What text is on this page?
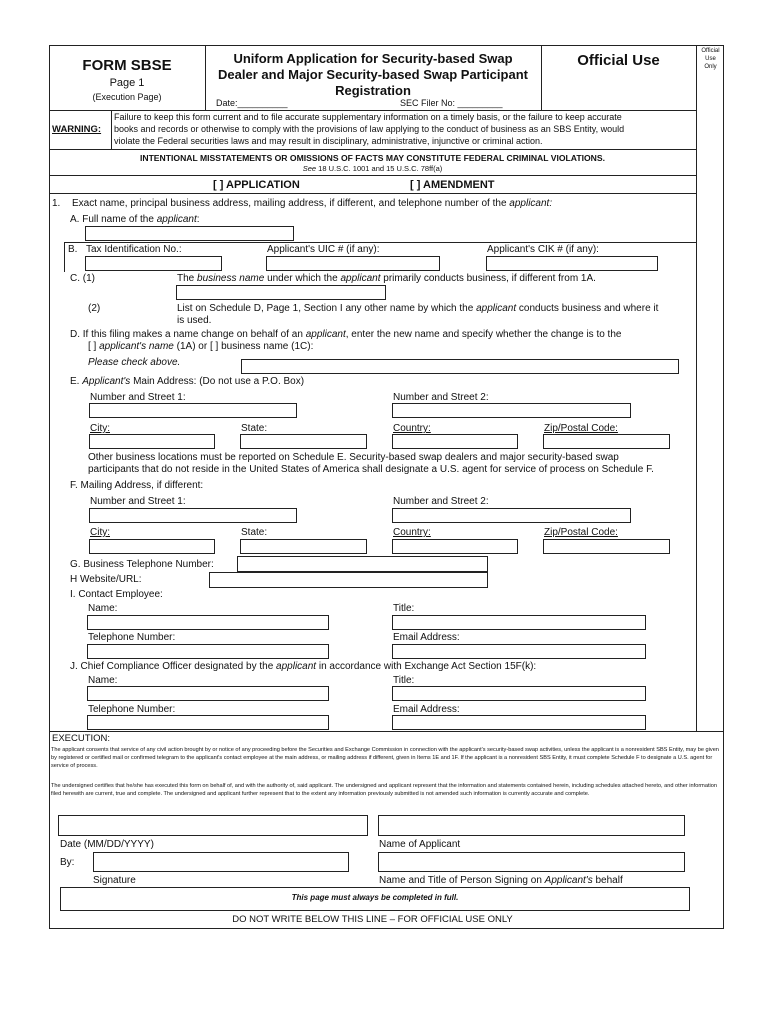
FORM SBSE
Page 1
(Execution Page)
Uniform Application for Security-based Swap
Dealer and Major Security-based Swap Participant
Registration
Date:__________	SEC Filer No: _________
Official Use
Official
Use
Only
WARNING:
Failure to keep this form current and to file accurate supplementary information on a timely basis, or the failure to keep accurate
books and records or otherwise to comply with the provisions of law applying to the conduct of business as an SBS Entity, would
violate the Federal securities laws and may result in disciplinary, administrative, injunctive or criminal action.
INTENTIONAL MISSTATEMENTS OR OMISSIONS OF FACTS MAY CONSTITUTE FEDERAL CRIMINAL VIOLATIONS.
See 18 U.S.C. 1001 and 15 U.S.C. 78ff(a)
[ ] APPLICATION	[ ] AMENDMENT
1. Exact name, principal business address, mailing address, if different, and telephone number of the applicant:
A. Full name of the applicant:
B. Tax Identification No.:	Applicant's UIC # (if any):	Applicant's CIK # (if any):
C. (1)	The business name under which the applicant primarily conducts business, if different from 1A.
(2)	List on Schedule D, Page 1, Section I any other name by which the applicant conducts business and where it
is used.
D. If this filing makes a name change on behalf of an applicant, enter the new name and specify whether the change is to the
[ ] applicant's name (1A) or [ ] business name (1C):
Please check above.
E. Applicant's Main Address: (Do not use a P.O. Box)
Number and Street 1:	Number and Street 2:
City:	State:	Country:	Zip/Postal Code:
Other business locations must be reported on Schedule E. Security-based swap dealers and major security-based swap
participants that do not reside in the United States of America shall designate a U.S. agent for service of process on Schedule F.
F. Mailing Address, if different:
Number and Street 1:	Number and Street 2:
City:	State:	Country:	Zip/Postal Code:
G. Business Telephone Number:
H Website/URL:
I. Contact Employee:
Name:	Title:
Telephone Number:	Email Address:
J. Chief Compliance Officer designated by the applicant in accordance with Exchange Act Section 15F(k):
Name:	Title:
Telephone Number:	Email Address:
EXECUTION:
The applicant consents that service of any civil action brought by or notice of any proceeding before the Securities and Exchange Commission in connection with the applicant's security-based swap activities, unless the applicant is a nonresident SBS Entity, may be given by registered or certified mail or confirmed telegram to the applicant's contact employee at the main address, or mailing address if different, given in Items 1E and 1F. If the applicant is a nonresident SBS Entity, it must complete Schedule F to designate a U.S. agent for service of process.
The undersigned certifies that he/she has executed this form on behalf of, and with the authority of, said applicant. The undersigned and applicant represent that the information and statements contained herein, including schedules attached hereto, and other information filed herewith are current, true and complete. The undersigned and applicant further represent that to the extent any information previously submitted is not amended such information is currently accurate and complete.
Date (MM/DD/YYYY)	Name of Applicant
By:
Signature	Name and Title of Person Signing on Applicant's behalf
This page must always be completed in full.
DO NOT WRITE BELOW THIS LINE – FOR OFFICIAL USE ONLY
